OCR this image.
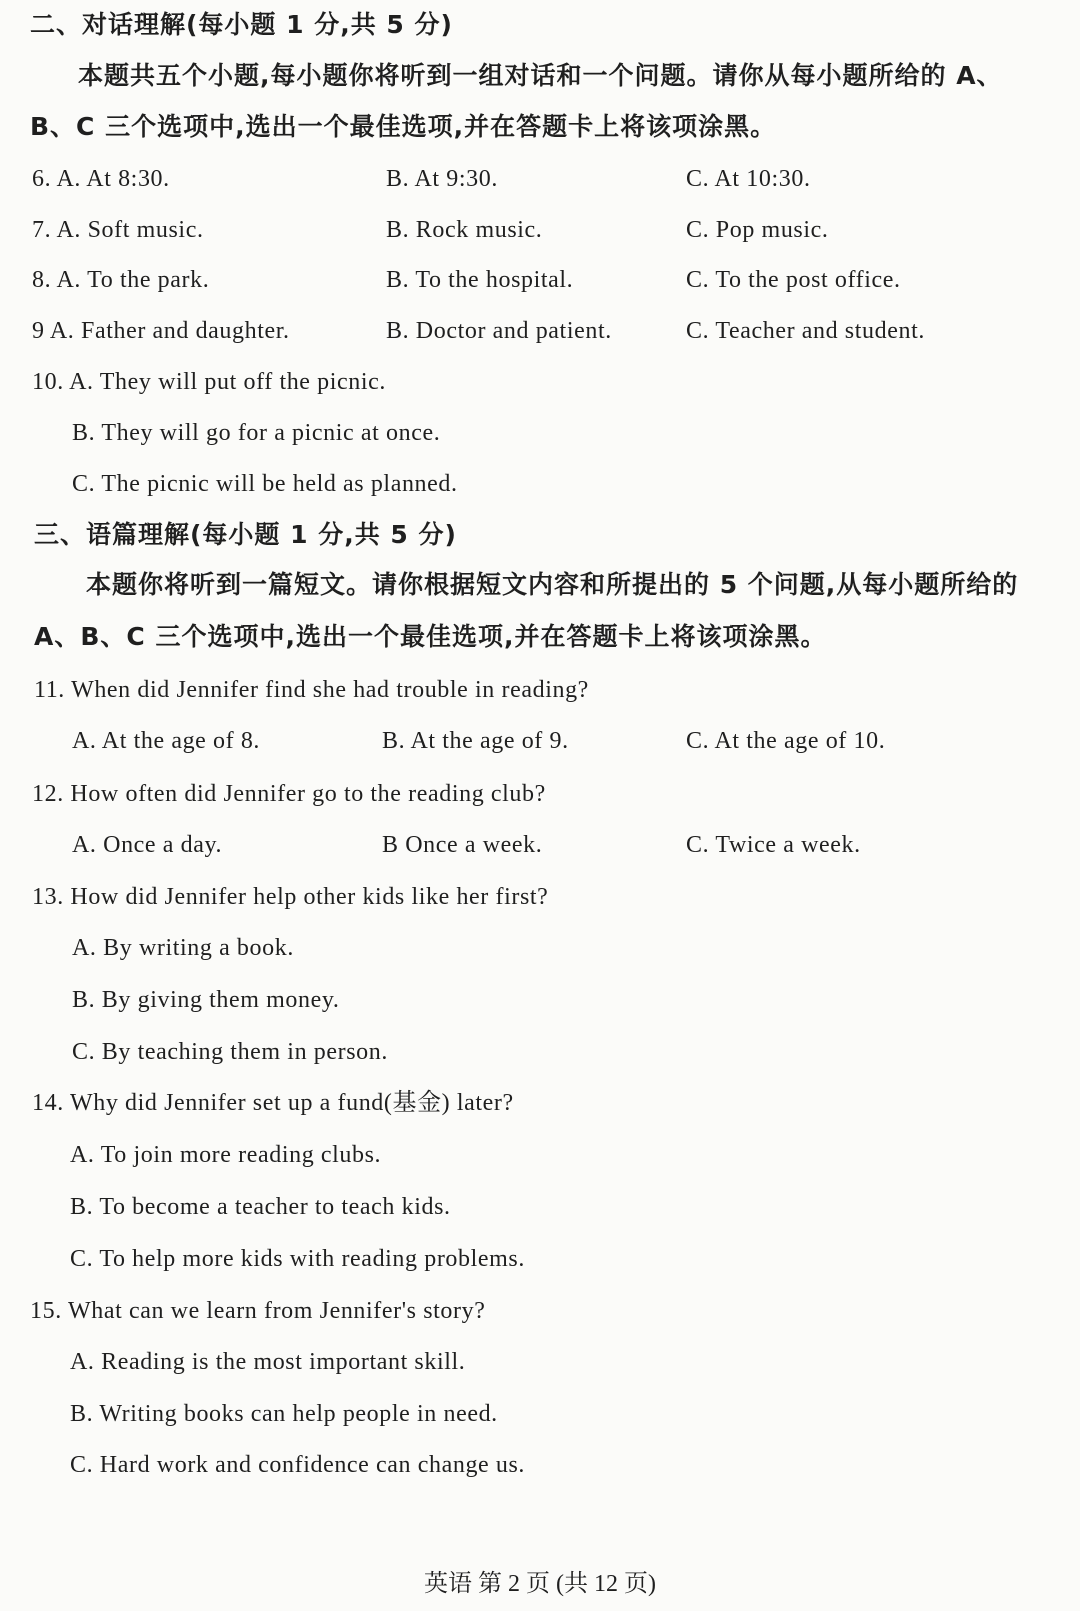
二、对话理解(每小题 1 分,共 5 分)
本题共五个小题,每小题你将听到一组对话和一个问题。请你从每小题所给的 A、
B、C 三个选项中,选出一个最佳选项,并在答题卡上将该项涂黑。
6. A. At 8:30.	B. At 9:30.	C. At 10:30.
7. A. Soft music.	B. Rock music.	C. Pop music.
8. A. To the park.	B. To the hospital.	C. To the post office.
9 A. Father and daughter.	B. Doctor and patient.	C. Teacher and student.
10. A. They will put off the picnic.
B. They will go for a picnic at once.
C. The picnic will be held as planned.
三、语篇理解(每小题 1 分,共 5 分)
本题你将听到一篇短文。请你根据短文内容和所提出的 5 个问题,从每小题所给的
A、B、C 三个选项中,选出一个最佳选项,并在答题卡上将该项涂黑。
11. When did Jennifer find she had trouble in reading?
A. At the age of 8.	B. At the age of 9.	C. At the age of 10.
12. How often did Jennifer go to the reading club?
A. Once a day.	B Once a week.	C. Twice a week.
13. How did Jennifer help other kids like her first?
A. By writing a book.
B. By giving them money.
C. By teaching them in person.
14. Why did Jennifer set up a fund(基金) later?
A. To join more reading clubs.
B. To become a teacher to teach kids.
C. To help more kids with reading problems.
15. What can we learn from Jennifer's story?
A. Reading is the most important skill.
B. Writing books can help people in need.
C. Hard work and confidence can change us.
英语 第 2 页 (共 12 页)
